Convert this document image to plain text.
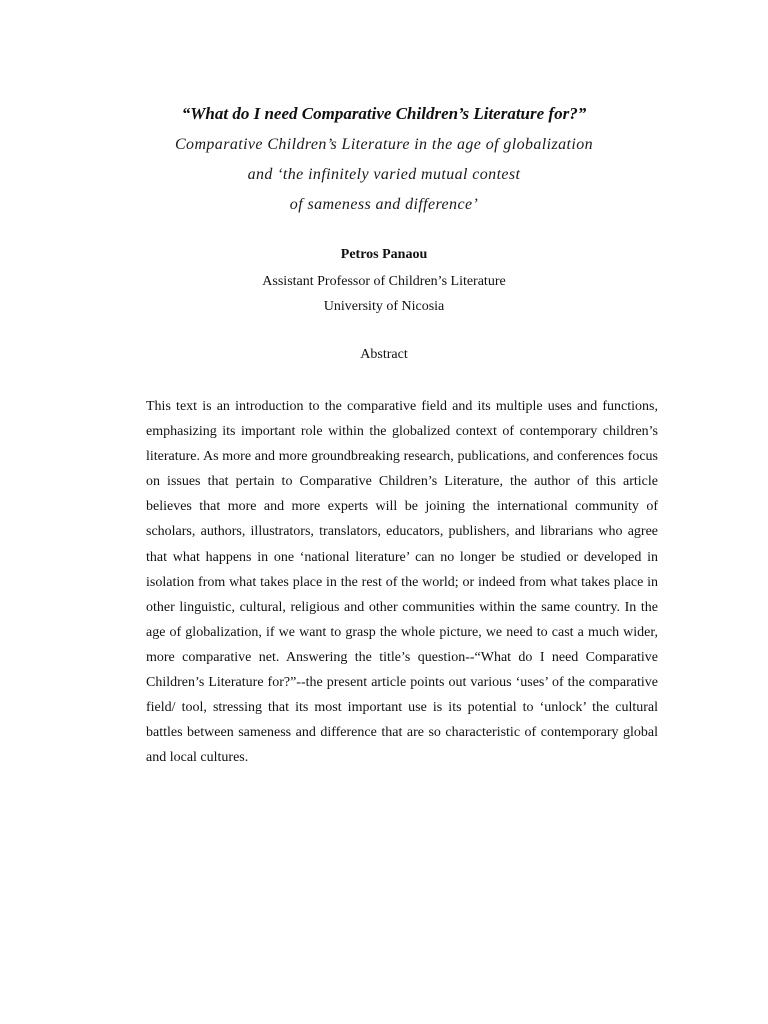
“What do I need Comparative Children’s Literature for?”

Comparative Children’s Literature in the age of globalization

and ‘the infinitely varied mutual contest

of sameness and difference’

Petros Panaou

Assistant Professor of Children’s Literature

University of Nicosia

Abstract

This text is an introduction to the comparative field and its multiple uses and functions, emphasizing its important role within the globalized context of contemporary children’s literature. As more and more groundbreaking research, publications, and conferences focus on issues that pertain to Comparative Children’s Literature, the author of this article believes that more and more experts will be joining the international community of scholars, authors, illustrators, translators, educators, publishers, and librarians who agree that what happens in one ‘national literature’ can no longer be studied or developed in isolation from what takes place in the rest of the world; or indeed from what takes place in other linguistic, cultural, religious and other communities within the same country. In the age of globalization, if we want to grasp the whole picture, we need to cast a much wider, more comparative net. Answering the title’s question--“What do I need Comparative Children’s Literature for?”--the present article points out various ‘uses’ of the comparative field/ tool, stressing that its most important use is its potential to ‘unlock’ the cultural battles between sameness and difference that are so characteristic of contemporary global and local cultures.
